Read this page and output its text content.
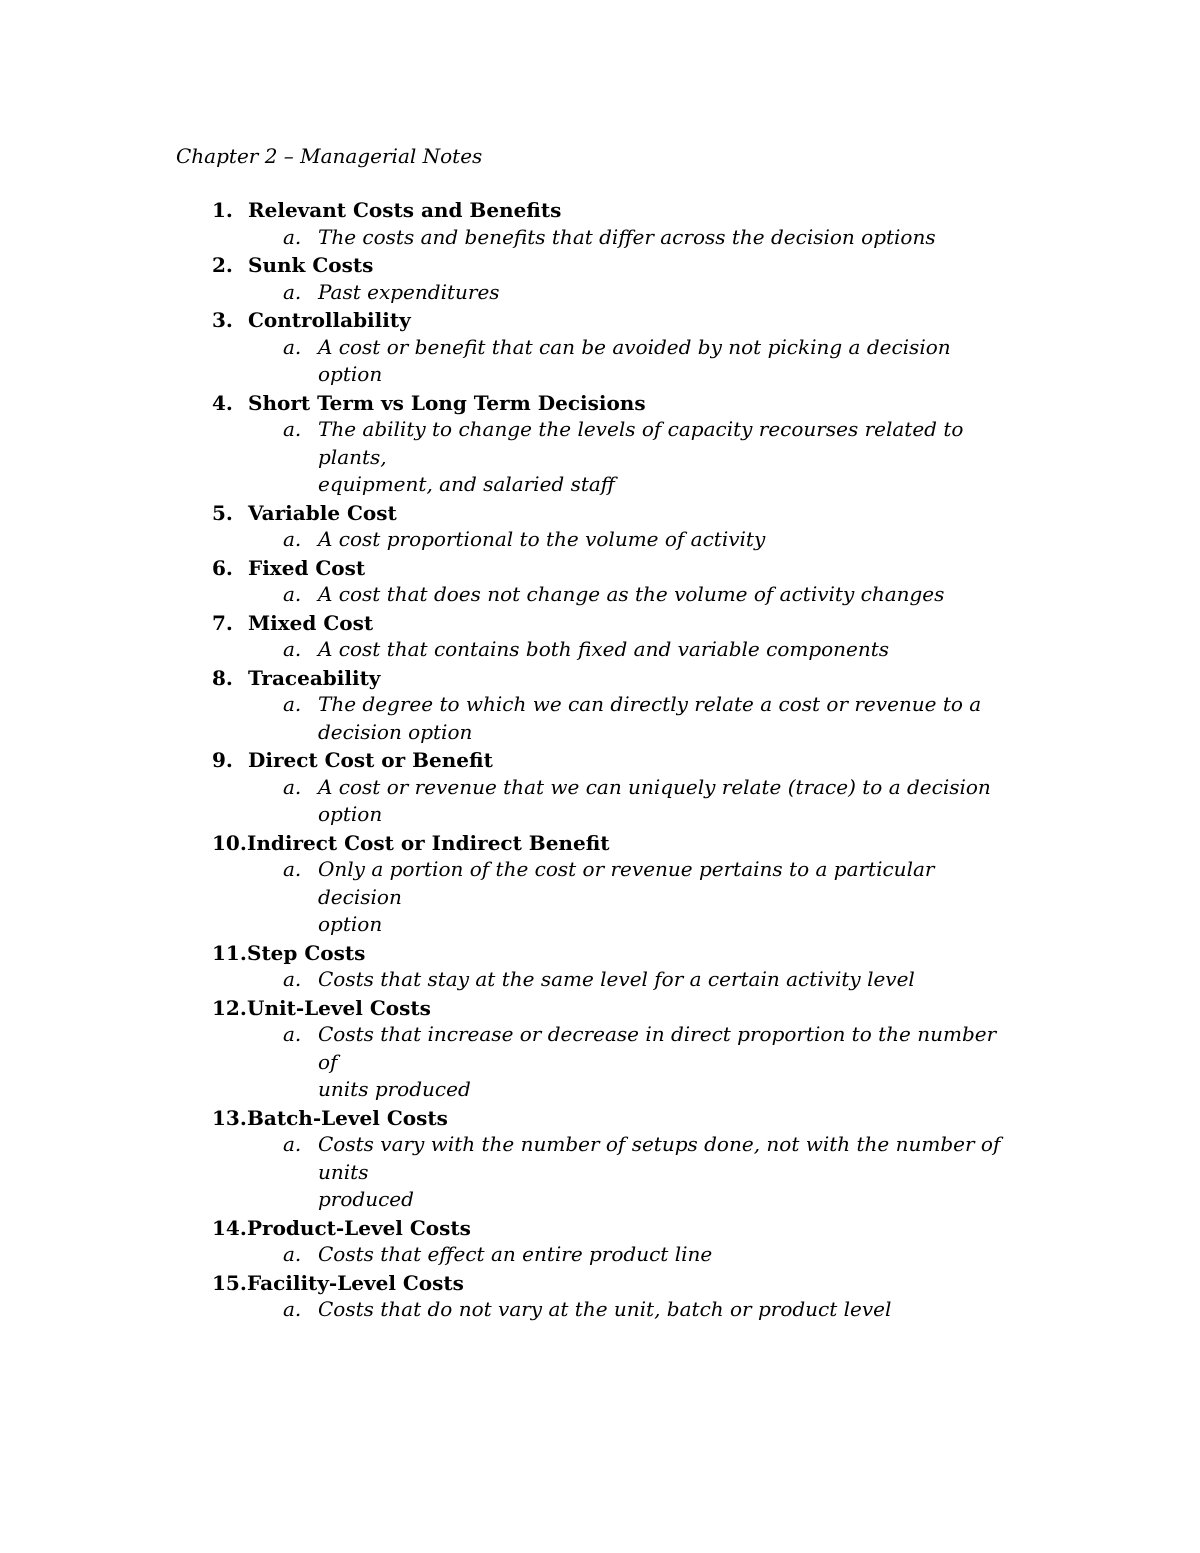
Chapter 2 – Managerial Notes

1. Relevant Costs and Benefits
a. The costs and benefits that differ across the decision options
2. Sunk Costs
a. Past expenditures
3. Controllability
a. A cost or benefit that can be avoided by not picking a decision option
4. Short Term vs Long Term Decisions
a. The ability to change the levels of capacity recourses related to plants,
equipment, and salaried staff
5. Variable Cost
a. A cost proportional to the volume of activity
6. Fixed Cost
a. A cost that does not change as the volume of activity changes
7. Mixed Cost
a. A cost that contains both fixed and variable components
8. Traceability
a. The degree to which we can directly relate a cost or revenue to a
decision option
9. Direct Cost or Benefit
a. A cost or revenue that we can uniquely relate (trace) to a decision
option
10. Indirect Cost or Indirect Benefit
a. Only a portion of the cost or revenue pertains to a particular decision
option
11. Step Costs
a. Costs that stay at the same level for a certain activity level
12. Unit-Level Costs
a. Costs that increase or decrease in direct proportion to the number of
units produced
13. Batch-Level Costs
a. Costs vary with the number of setups done, not with the number of units
produced
14. Product-Level Costs
a. Costs that effect an entire product line
15. Facility-Level Costs
a. Costs that do not vary at the unit, batch or product level
